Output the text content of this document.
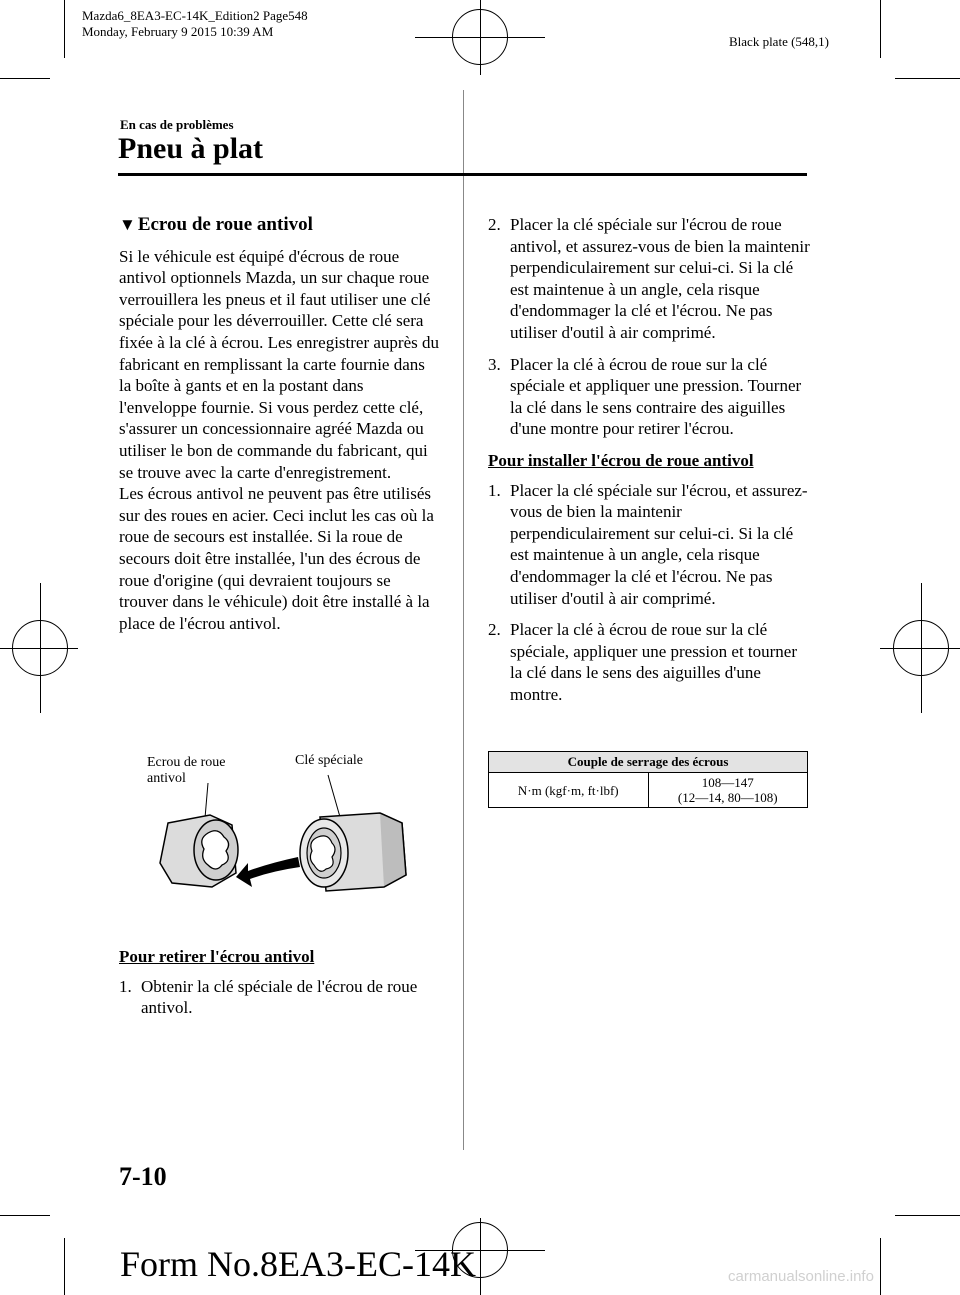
Mazda6_8EA3-EC-14K_Edition2 Page548
Monday, February 9 2015 10:39 AM
Black plate (548,1)
En cas de problèmes
Pneu à plat
▼ Ecrou de roue antivol

Si le véhicule est équipé d'écrous de roue antivol optionnels Mazda, un sur chaque roue verrouillera les pneus et il faut utiliser une clé spéciale pour les déverrouiller. Cette clé sera fixée à la clé à écrou. Les enregistrer auprès du fabricant en remplissant la carte fournie dans la boîte à gants et en la postant dans l'enveloppe fournie. Si vous perdez cette clé, s'assurer un concessionnaire agréé Mazda ou utiliser le bon de commande du fabricant, qui se trouve avec la carte d'enregistrement.

Les écrous antivol ne peuvent pas être utilisés sur des roues en acier. Ceci inclut les cas où la roue de secours est installée. Si la roue de secours doit être installée, l'un des écrous de roue d'origine (qui devraient toujours se trouver dans le véhicule) doit être installé à la place de l'écrou antivol.

Ecrou de roue
antivol
Clé spéciale
Pour retirer l'écrou antivol
1. Obtenir la clé spéciale de l'écrou de roue antivol.
2. Placer la clé spéciale sur l'écrou de roue antivol, et assurez-vous de bien la maintenir perpendiculairement sur celui-ci. Si la clé est maintenue à un angle, cela risque d'endommager la clé et l'écrou. Ne pas utiliser d'outil à air comprimé.
3. Placer la clé à écrou de roue sur la clé spéciale et appliquer une pression. Tourner la clé dans le sens contraire des aiguilles d'une montre pour retirer l'écrou.
Pour installer l'écrou de roue antivol
1. Placer la clé spéciale sur l'écrou, et assurez-vous de bien la maintenir perpendiculairement sur celui-ci. Si la clé est maintenue à un angle, cela risque d'endommager la clé et l'écrou. Ne pas utiliser d'outil à air comprimé.
2. Placer la clé à écrou de roue sur la clé spéciale, appliquer une pression et tourner la clé dans le sens des aiguilles d'une montre.
Couple de serrage des écrous
N·m (kgf·m, ft·lbf)	108―147
(12―14, 80―108)
7-10
Form No.8EA3-EC-14K	carmanualsonline.info
